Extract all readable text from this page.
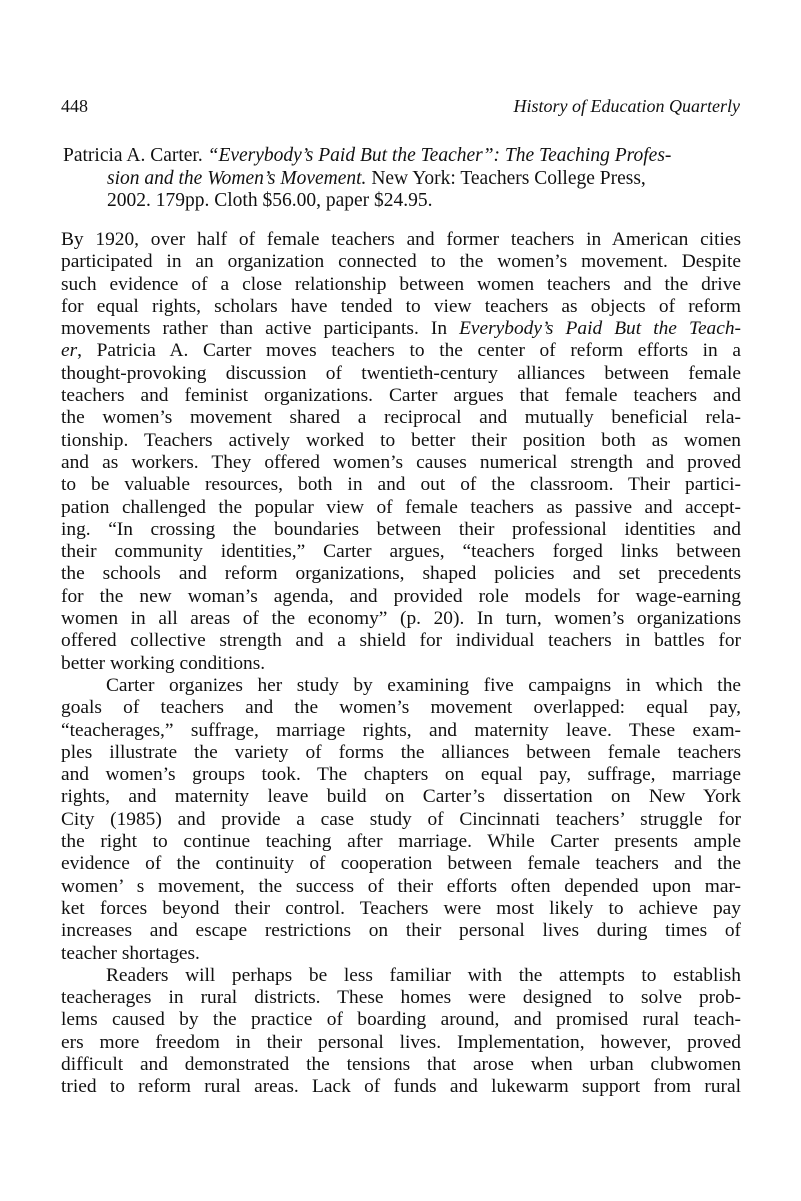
448	History of Education Quarterly
Patricia A. Carter. “Everybody’s Paid But the Teacher”: The Teaching Profes-
sion and the Women’s Movement. New York: Teachers College Press,
2002. 179pp. Cloth $56.00, paper $24.95.
By 1920, over half of female teachers and former teachers in American cities
participated in an organization connected to the women’s movement. Despite
such evidence of a close relationship between women teachers and the drive
for equal rights, scholars have tended to view teachers as objects of reform
movements rather than active participants. In Everybody’s Paid But the Teach-
er, Patricia A. Carter moves teachers to the center of reform efforts in a
thought-provoking discussion of twentieth-century alliances between female
teachers and feminist organizations. Carter argues that female teachers and
the women’s movement shared a reciprocal and mutually beneficial rela-
tionship. Teachers actively worked to better their position both as women
and as workers. They offered women’s causes numerical strength and proved
to be valuable resources, both in and out of the classroom. Their partici-
pation challenged the popular view of female teachers as passive and accept-
ing. “In crossing the boundaries between their professional identities and
their community identities,” Carter argues, “teachers forged links between
the schools and reform organizations, shaped policies and set precedents
for the new woman’s agenda, and provided role models for wage-earning
women in all areas of the economy” (p. 20). In turn, women’s organizations
offered collective strength and a shield for individual teachers in battles for
better working conditions.
Carter organizes her study by examining five campaigns in which the
goals of teachers and the women’s movement overlapped: equal pay,
“teacherages,” suffrage, marriage rights, and maternity leave. These exam-
ples illustrate the variety of forms the alliances between female teachers
and women’s groups took. The chapters on equal pay, suffrage, marriage
rights, and maternity leave build on Carter’s dissertation on New York
City (1985) and provide a case study of Cincinnati teachers’ struggle for
the right to continue teaching after marriage. While Carter presents ample
evidence of the continuity of cooperation between female teachers and the
women’ s movement, the success of their efforts often depended upon mar-
ket forces beyond their control. Teachers were most likely to achieve pay
increases and escape restrictions on their personal lives during times of
teacher shortages.
Readers will perhaps be less familiar with the attempts to establish
teacherages in rural districts. These homes were designed to solve prob-
lems caused by the practice of boarding around, and promised rural teach-
ers more freedom in their personal lives. Implementation, however, proved
difficult and demonstrated the tensions that arose when urban clubwomen
tried to reform rural areas. Lack of funds and lukewarm support from rural
